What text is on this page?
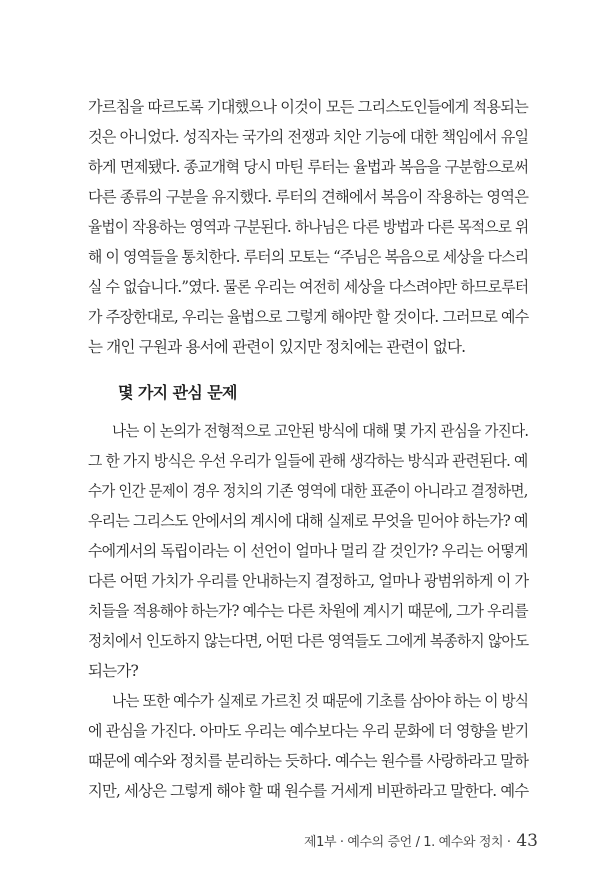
가르침을 따르도록 기대했으나 이것이 모든 그리스도인들에게 적용되는
것은 아니었다. 성직자는 국가의 전쟁과 치안 기능에 대한 책임에서 유일
하게 면제됐다. 종교개혁 당시 마틴 루터는 율법과 복음을 구분함으로써
다른 종류의 구분을 유지했다. 루터의 견해에서 복음이 작용하는 영역은
율법이 작용하는 영역과 구분된다. 하나님은 다른 방법과 다른 목적으로 위
해 이 영역들을 통치한다. 루터의 모토는 “주님은 복음으로 세상을 다스리
실 수 없습니다.”였다. 물론 우리는 여전히 세상을 다스려야만 하므로루터
가 주장한대로, 우리는 율법으로 그렇게 해야만 할 것이다. 그러므로 예수
는 개인 구원과 용서에 관련이 있지만 정치에는 관련이 없다.
몇 가지 관심 문제
나는 이 논의가 전형적으로 고안된 방식에 대해 몇 가지 관심을 가진다.
그 한 가지 방식은 우선 우리가 일들에 관해 생각하는 방식과 관련된다. 예
수가 인간 문제이 경우 정치의 기존 영역에 대한 표준이 아니라고 결정하면,
우리는 그리스도 안에서의 계시에 대해 실제로 무엇을 믿어야 하는가? 예
수에게서의 독립이라는 이 선언이 얼마나 멀리 갈 것인가? 우리는 어떻게
다른 어떤 가치가 우리를 안내하는지 결정하고, 얼마나 광범위하게 이 가
치들을 적용해야 하는가? 예수는 다른 차원에 계시기 때문에, 그가 우리를
정치에서 인도하지 않는다면, 어떤 다른 영역들도 그에게 복종하지 않아도
되는가?
나는 또한 예수가 실제로 가르친 것 때문에 기초를 삼아야 하는 이 방식
에 관심을 가진다. 아마도 우리는 예수보다는 우리 문화에 더 영향을 받기
때문에 예수와 정치를 분리하는 듯하다. 예수는 원수를 사랑하라고 말하
지만, 세상은 그렇게 해야 할 때 원수를 거세게 비판하라고 말한다. 예수
제1부 · 예수의 증언 / 1. 예수와 정치 · 43
